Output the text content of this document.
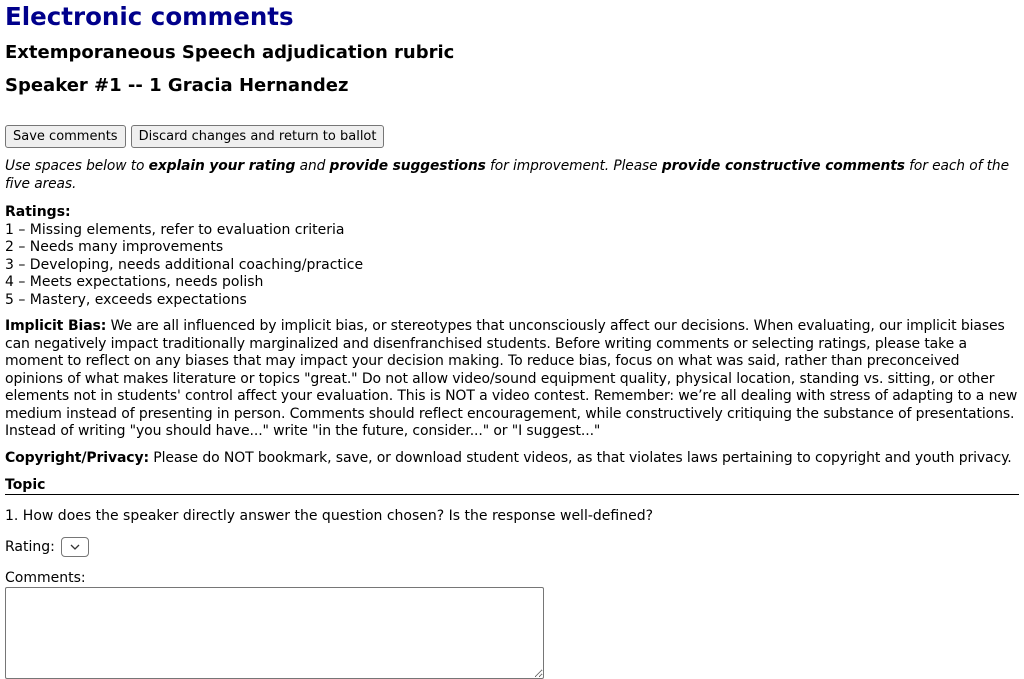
Electronic comments
Extemporaneous Speech adjudication rubric
Speaker #1 -- 1 Gracia Hernandez
Save comments	Discard changes and return to ballot
Use spaces below to explain your rating and provide suggestions for improvement. Please provide constructive comments for each of the five areas.
Ratings:
1 – Missing elements, refer to evaluation criteria
2 – Needs many improvements
3 – Developing, needs additional coaching/practice
4 – Meets expectations, needs polish
5 – Mastery, exceeds expectations
Implicit Bias: We are all influenced by implicit bias, or stereotypes that unconsciously affect our decisions. When evaluating, our implicit biases can negatively impact traditionally marginalized and disenfranchised students. Before writing comments or selecting ratings, please take a moment to reflect on any biases that may impact your decision making. To reduce bias, focus on what was said, rather than preconceived opinions of what makes literature or topics "great." Do not allow video/sound equipment quality, physical location, standing vs. sitting, or other elements not in students' control affect your evaluation. This is NOT a video contest. Remember: we’re all dealing with stress of adapting to a new medium instead of presenting in person. Comments should reflect encouragement, while constructively critiquing the substance of presentations. Instead of writing "you should have..." write "in the future, consider..." or "I suggest..."
Copyright/Privacy: Please do NOT bookmark, save, or download student videos, as that violates laws pertaining to copyright and youth privacy.
Topic
1. How does the speaker directly answer the question chosen? Is the response well-defined?
Rating:
Comments:
